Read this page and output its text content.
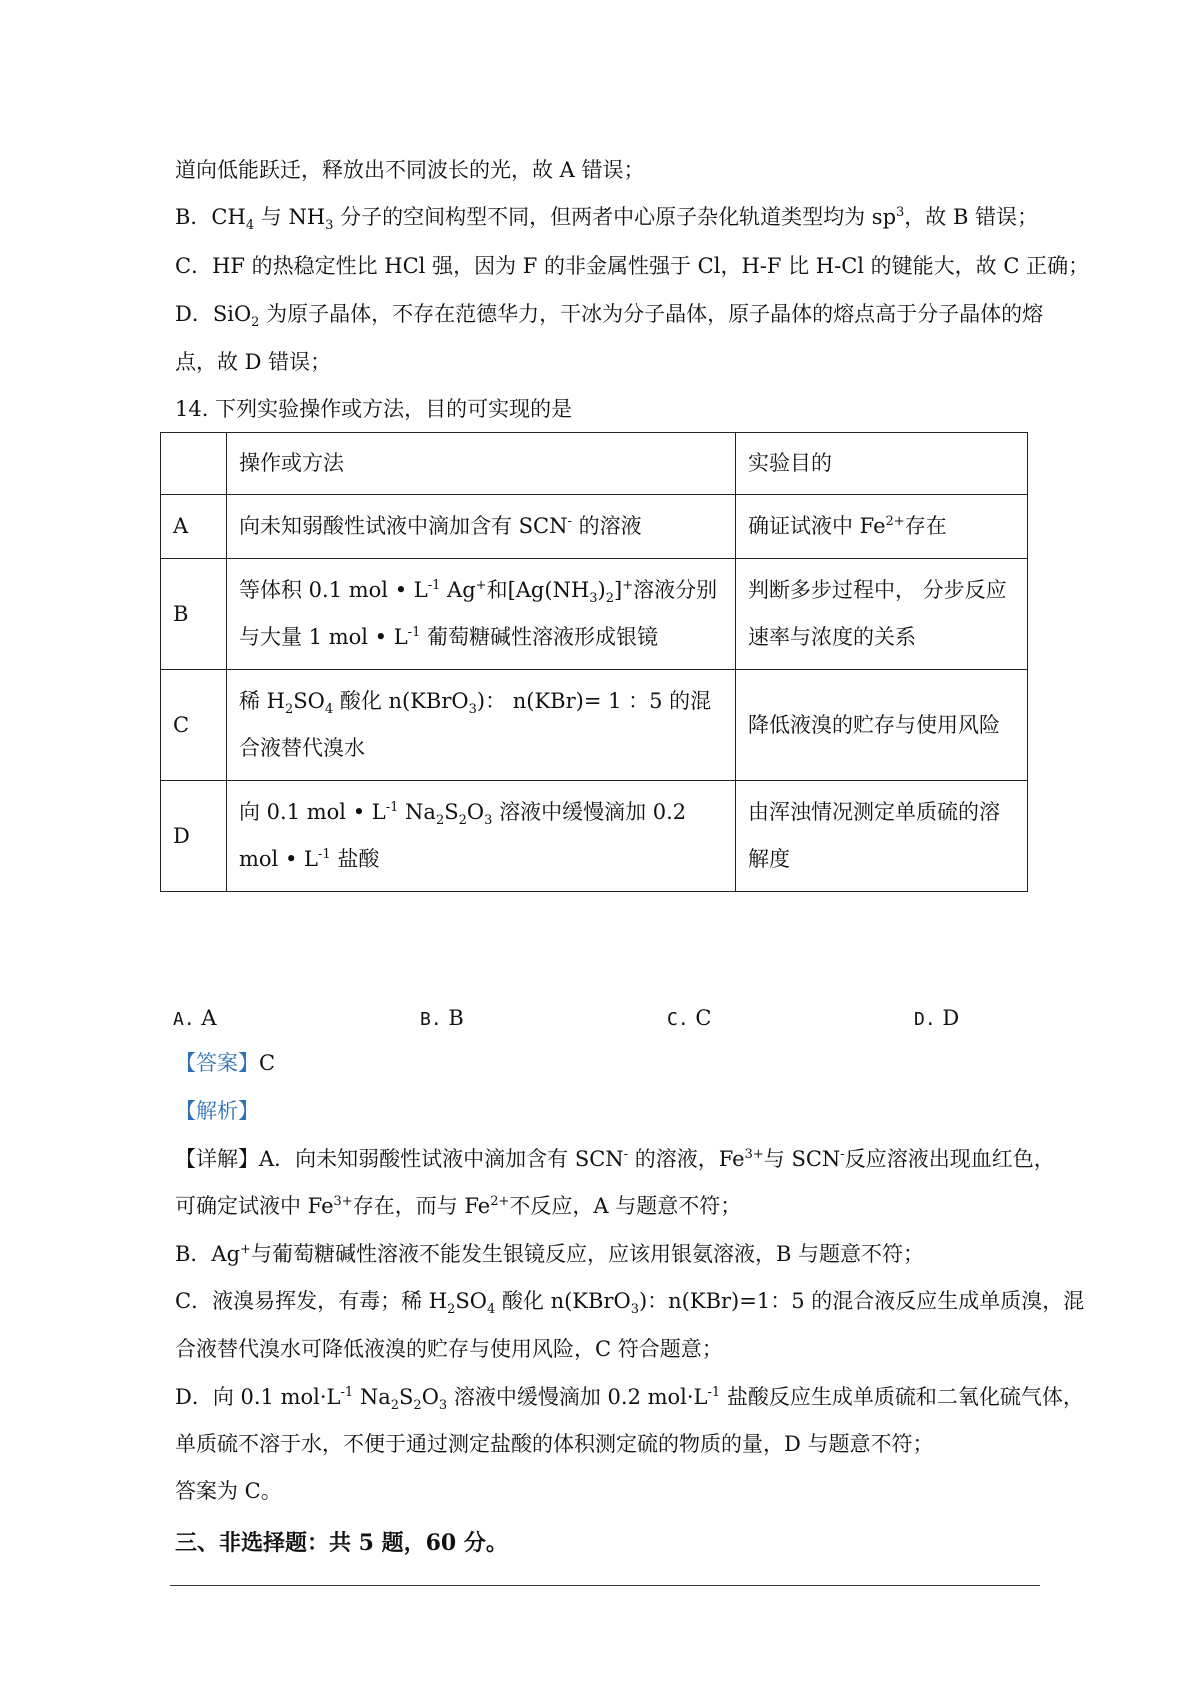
道向低能跃迁，释放出不同波长的光，故 A 错误；
B．$CH_4$ 与 $NH_3$ 分子的空间构型不同，但两者中心原子杂化轨道类型均为 $sp^3$，故 B 错误；
C．HF 的热稳定性比 HCl 强，因为 F 的非金属性强于 Cl，H-F 比 H-Cl 的键能大，故 C 正确；
D．SiO$_2$ 为原子晶体，不存在范德华力，干冰为分子晶体，原子晶体的熔点高于分子晶体的熔
点，故 D 错误；
14. 下列实验操作或方法，目的可实现的是
	操作或方法	实验目的
A	向未知弱酸性试液中滴加含有 SCN- 的溶液	确证试液中 $Fe^{2+}$存在
B	等体积 0.1 mol • $L^{-1}$ Ag+和$[Ag(NH_3)_2]^+$溶液分别与大量 1 mol • $L^{-1}$ 葡萄糖碱性溶液形成银镜	判断多步过程中， 分步反应速率与浓度的关系
C	稀 $H_2SO_4$ 酸化 n(KBrO$_3$)： n(KBr)= 1 ：5 的混合液替代溴水	降低液溴的贮存与使用风险
D	向 0.1 mol • $L^{-1}$ $Na_2S_2O_3$ 溶液中缓慢滴加 0.2 mol • $L^{-1}$ 盐酸	由浑浊情况测定单质硫的溶解度
A. A	B. B	C. C	D. D
【答案】C
【解析】
【详解】A．向未知弱酸性试液中滴加含有 SCN- 的溶液，$Fe^{3+}$与 SCN-反应溶液出现血红色，
可确定试液中 $Fe^{3+}$存在，而与 $Fe^{2+}$不反应，A 与题意不符；
B．Ag+与葡萄糖碱性溶液不能发生银镜反应，应该用银氨溶液，B 与题意不符；
C．液溴易挥发，有毒；稀 $H_2SO_4$ 酸化 n(KBrO$_3$)：n(KBr)=1：5 的混合液反应生成单质溴，混
合液替代溴水可降低液溴的贮存与使用风险，C 符合题意；
D．向 0.1 $mol\cdot L^{-1}$ $Na_2S_2O_3$ 溶液中缓慢滴加 0.2 $mol\cdot L^{-1}$ 盐酸反应生成单质硫和二氧化硫气体，
单质硫不溶于水，不便于通过测定盐酸的体积测定硫的物质的量，D 与题意不符；
答案为 C。
三、非选择题：共 5 题，60 分。
